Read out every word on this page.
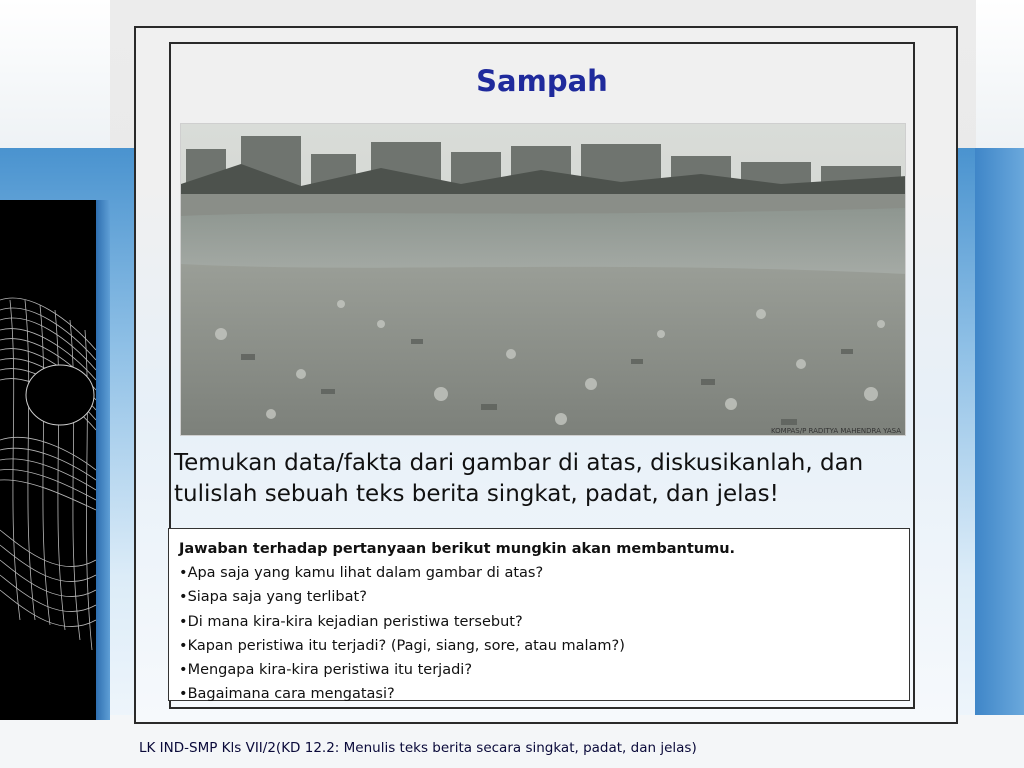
Sampah
KOMPAS/P RADITYA MAHENDRA YASA
Temukan data/fakta dari gambar di atas, diskusikanlah, dan tulislah sebuah teks berita singkat, padat, dan jelas!
Jawaban terhadap pertanyaan berikut mungkin akan membantumu.
• Apa saja yang kamu lihat dalam gambar di atas?
• Siapa saja yang terlibat?
• Di mana kira-kira kejadian peristiwa tersebut?
• Kapan peristiwa itu terjadi? (Pagi, siang, sore, atau malam?)
• Mengapa kira-kira peristiwa itu terjadi?
• Bagaimana cara mengatasi?
LK IND-SMP Kls VII/2(KD 12.2: Menulis teks berita secara singkat, padat, dan jelas)
